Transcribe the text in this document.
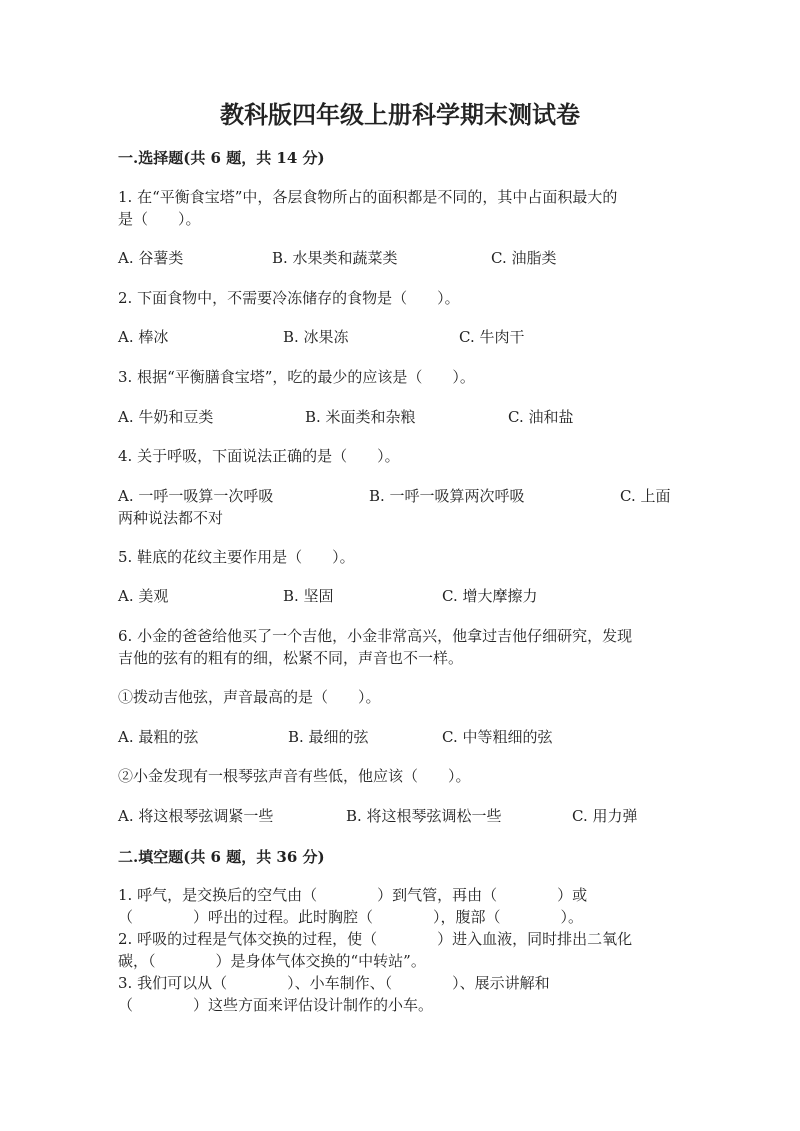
教科版四年级上册科学期末测试卷
一.选择题(共 6 题，共 14 分)
1. 在“平衡食宝塔”中，各层食物所占的面积都是不同的，其中占面积最大的
是（　　）。
A. 谷薯类	B. 水果类和蔬菜类	C. 油脂类
2. 下面食物中，不需要冷冻储存的食物是（　　）。
A. 棒冰	B. 冰果冻	C. 牛肉干
3. 根据“平衡膳食宝塔”，吃的最少的应该是（　　）。
A. 牛奶和豆类	B. 米面类和杂粮	C. 油和盐
4. 关于呼吸，下面说法正确的是（　　）。
A. 一呼一吸算一次呼吸	B. 一呼一吸算两次呼吸	C. 上面
两种说法都不对
5. 鞋底的花纹主要作用是（　　）。
A. 美观	B. 坚固	C. 增大摩擦力
6. 小金的爸爸给他买了一个吉他，小金非常高兴，他拿过吉他仔细研究，发现
吉他的弦有的粗有的细，松紧不同，声音也不一样。
①拨动吉他弦，声音最高的是（　　）。
A. 最粗的弦	B. 最细的弦	C. 中等粗细的弦
②小金发现有一根琴弦声音有些低，他应该（　　）。
A. 将这根琴弦调紧一些	B. 将这根琴弦调松一些	C. 用力弹
二.填空题(共 6 题，共 36 分)
1. 呼气，是交换后的空气由（　　　　）到气管，再由（　　　　）或
（　　　　）呼出的过程。此时胸腔（　　　　），腹部（　　　　）。
2. 呼吸的过程是气体交换的过程，使（　　　　）进入血液，同时排出二氧化
碳，（　　　　）是身体气体交换的“中转站”。
3. 我们可以从（　　　　）、小车制作、（　　　　）、展示讲解和
（　　　　）这些方面来评估设计制作的小车。
